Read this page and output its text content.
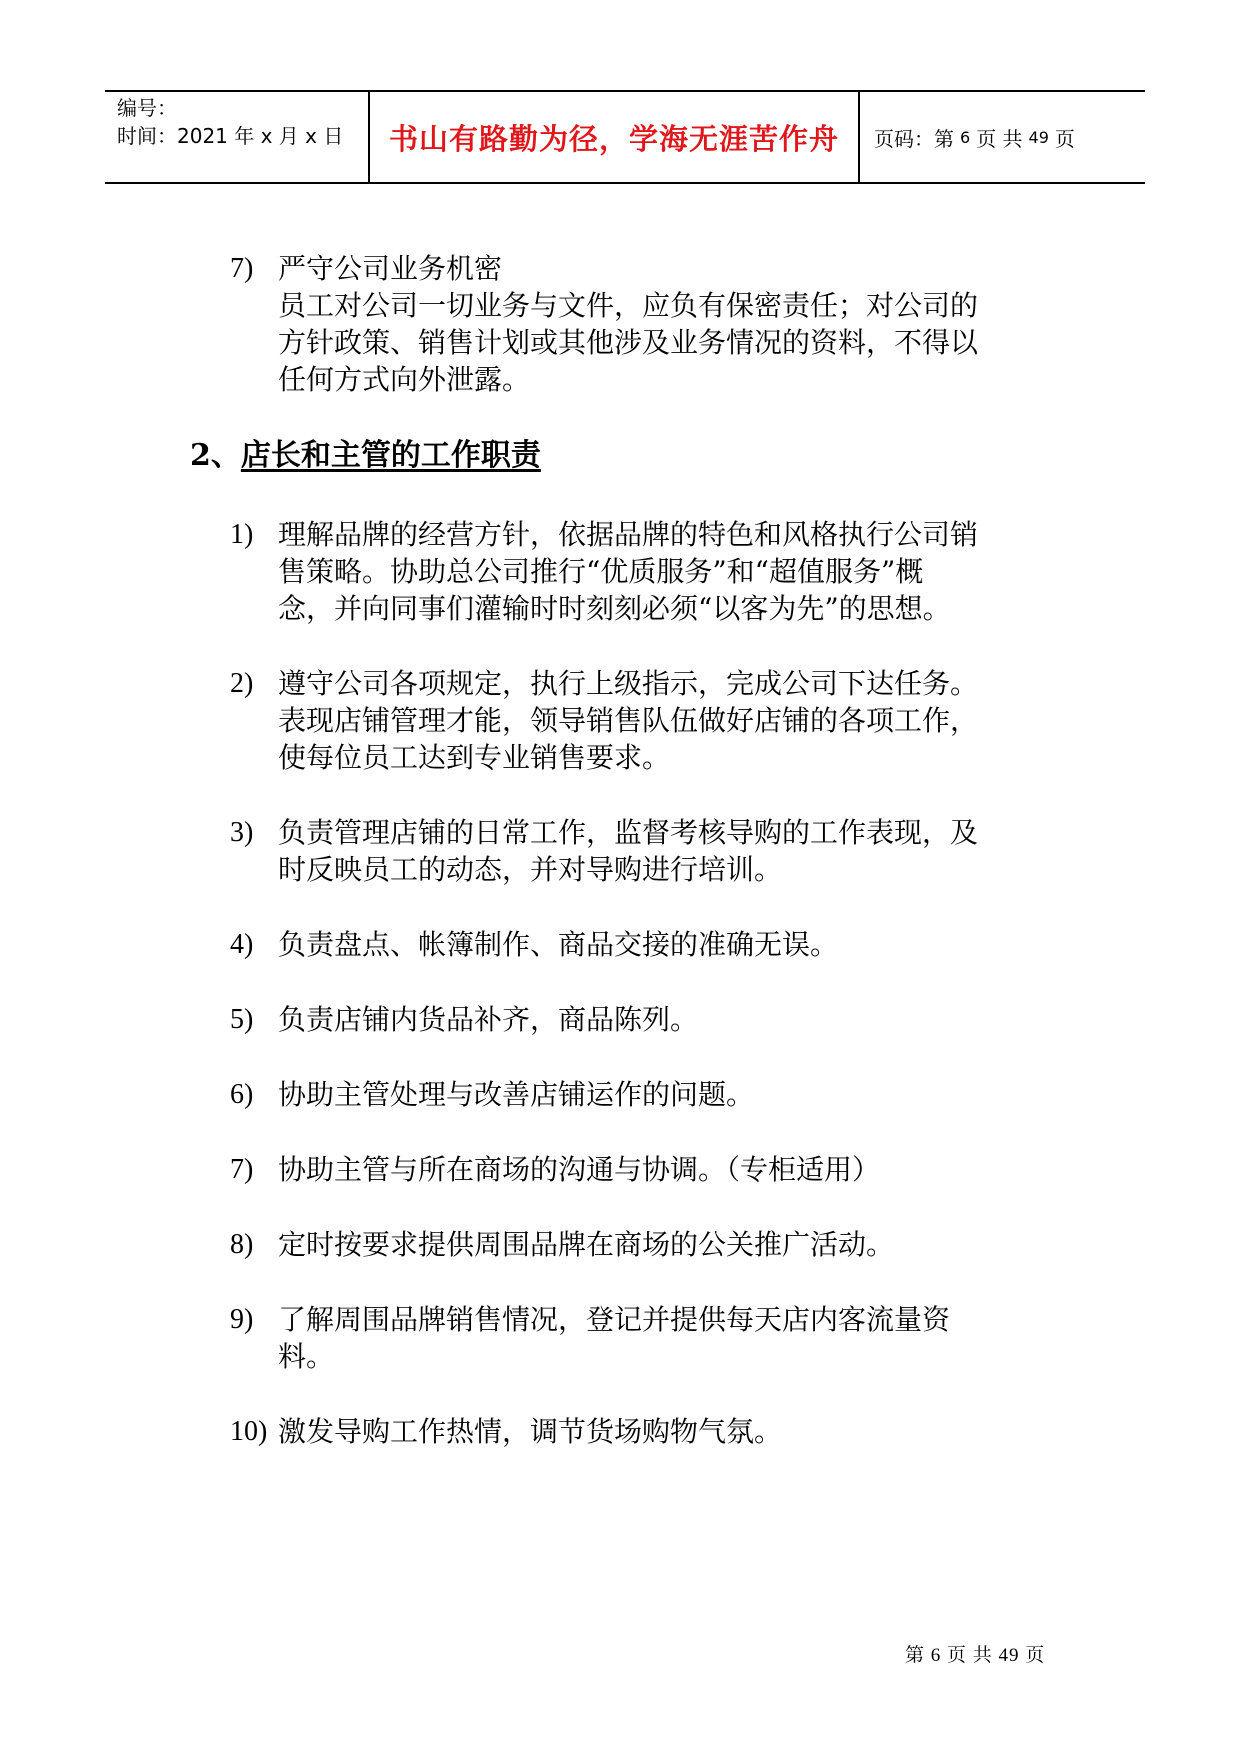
编号：
时间：2021 年 x 月 x 日	书山有路勤为径，学海无涯苦作舟 页码：第 6 页 共 49 页
7) 严守公司业务机密
员工对公司一切业务与文件，应负有保密责任；对公司的
方针政策、销售计划或其他涉及业务情况的资料，不得以
任何方式向外泄露。
2、店长和主管的工作职责
1) 理解品牌的经营方针，依据品牌的特色和风格执行公司销
售策略。协助总公司推行“优质服务”和“超值服务”概
念，并向同事们灌输时时刻刻必须“以客为先”的思想。
2) 遵守公司各项规定，执行上级指示，完成公司下达任务。
表现店铺管理才能，领导销售队伍做好店铺的各项工作，
使每位员工达到专业销售要求。
3) 负责管理店铺的日常工作，监督考核导购的工作表现，及
时反映员工的动态，并对导购进行培训。
4) 负责盘点、帐簿制作、商品交接的准确无误。
5) 负责店铺内货品补齐，商品陈列。
6) 协助主管处理与改善店铺运作的问题。
7) 协助主管与所在商场的沟通与协调。（专柜适用）
8) 定时按要求提供周围品牌在商场的公关推广活动。
9) 了解周围品牌销售情况，登记并提供每天店内客流量资
料。
10) 激发导购工作热情，调节货场购物气氛。
第 6 页 共 49 页
